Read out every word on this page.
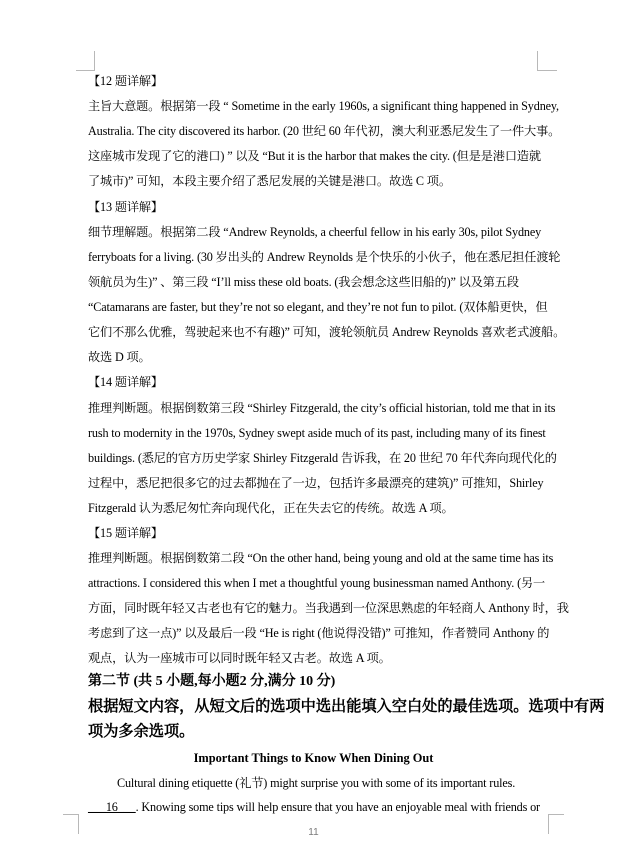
【12 题详解】
主旨大意题。根据第一段 “ Sometime in the early 1960s, a significant thing happened in Sydney,
Australia. The city discovered its harbor. (20 世纪 60 年代初，澳大利亚悉尼发生了一件大事。
这座城市发现了它的港口) ” 以及 “But it is the harbor that makes the city. (但是是港口造就
了城市)” 可知，本段主要介绍了悉尼发展的关键是港口。故选 C 项。
【13 题详解】
细节理解题。根据第二段 “Andrew Reynolds, a cheerful fellow in his early 30s, pilot Sydney
ferryboats for a living. (30 岁出头的 Andrew Reynolds 是个快乐的小伙子，他在悉尼担任渡轮
领航员为生)” 、第三段 “I’ll miss these old boats. (我会想念这些旧船的)” 以及第五段
“Catamarans are faster, but they’re not so elegant, and they’re not fun to pilot. (双体船更快，但
它们不那么优雅，驾驶起来也不有趣)” 可知，渡轮领航员 Andrew Reynolds 喜欢老式渡船。
故选 D 项。
【14 题详解】
推理判断题。根据倒数第三段 “Shirley Fitzgerald, the city’s official historian, told me that in its
rush to modernity in the 1970s, Sydney swept aside much of its past, including many of its finest
buildings. (悉尼的官方历史学家 Shirley Fitzgerald 告诉我，在 20 世纪 70 年代奔向现代化的
过程中，悉尼把很多它的过去都抛在了一边，包括许多最漂亮的建筑)” 可推知，Shirley
Fitzgerald 认为悉尼匆忙奔向现代化，正在失去它的传统。故选 A 项。
【15 题详解】
推理判断题。根据倒数第二段 “On the other hand, being young and old at the same time has its
attractions. I considered this when I met a thoughtful young businessman named Anthony. (另一
方面，同时既年轻又古老也有它的魅力。当我遇到一位深思熟虑的年轻商人 Anthony 时，我
考虑到了这一点)” 以及最后一段 “He is right (他说得没错)” 可推知，作者赞同 Anthony 的
观点，认为一座城市可以同时既年轻又古老。故选 A 项。
第二节 (共 5 小题,每小题2 分,满分 10 分)
根据短文内容，从短文后的选项中选出能填入空白处的最佳选项。选项中有两
项为多余选项。
Important Things to Know When Dining Out
Cultural dining etiquette (礼节) might surprise you with some of its important rules.
___16___. Knowing some tips will help ensure that you have an enjoyable meal with friends or
11
